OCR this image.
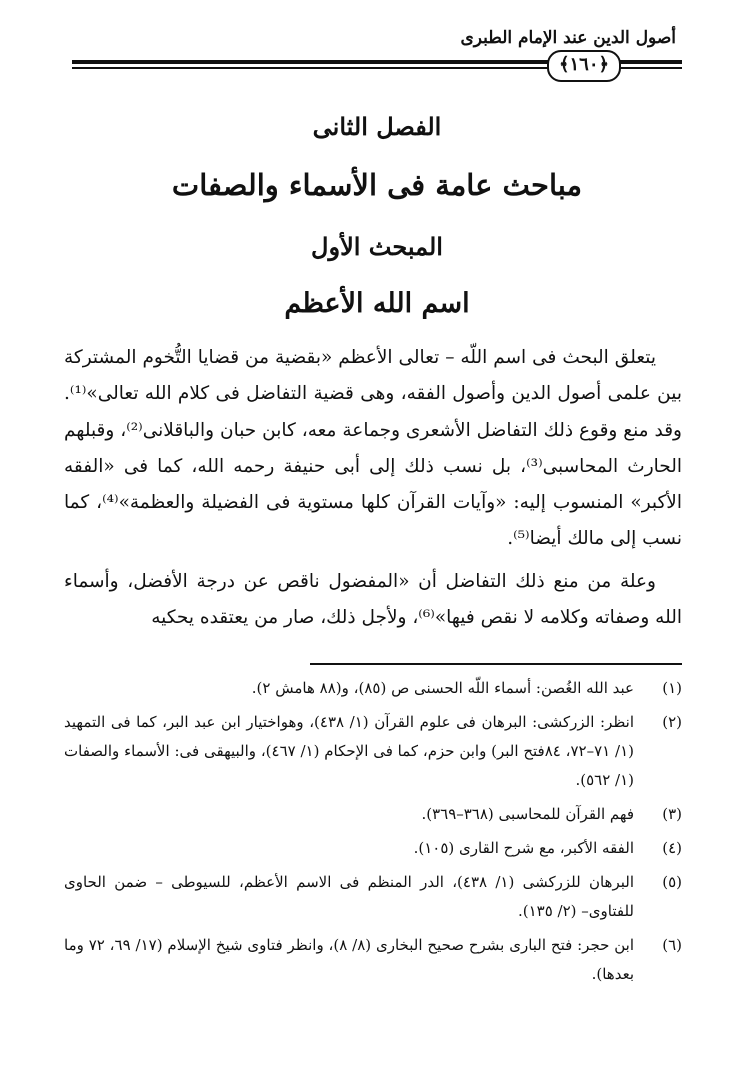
أصول الدين عند الإمام الطبرى
﴿١٦٠﴾
الفصل الثانى
مباحث عامة فى الأسماء والصفات
المبحث الأول
اسم الله الأعظم

يتعلق البحث فى اسم اللّه – تعالى الأعظم «بقضية من قضايا التُّخوم المشتركة بين علمى أصول الدين وأصول الفقه، وهى قضية التفاضل فى كلام الله تعالى»⁽¹⁾. وقد منع وقوع ذلك التفاضل الأشعرى وجماعة معه، كابن حبان والباقلانى⁽²⁾، وقبلهم الحارث المحاسبى⁽³⁾، بل نسب ذلك إلى أبى حنيفة رحمه الله، كما فى «الفقه الأكبر» المنسوب إليه: «وآيات القرآن كلها مستوية فى الفضيلة والعظمة»⁽⁴⁾، كما نسب إلى مالك أيضا⁽⁵⁾.

وعلة من منع ذلك التفاضل أن «المفضول ناقص عن درجة الأفضل، وأسماء الله وصفاته وكلامه لا نقص فيها»⁽⁶⁾، ولأجل ذلك، صار من يعتقده يحكيه

(١)
عبد الله الغُصن: أسماء اللّه الحسنى ص (٨٥)، و(٨٨ هامش ٢).
(٢)
انظر: الزركشى: البرهان فى علوم القرآن (١/ ٤٣٨)، وهواختيار ابن عبد البر، كما فى التمهيد (١/ ٧١–٧٢، ٨٤فتح البر) وابن حزم، كما فى الإحكام (١/ ٤٦٧)، والبيهقى فى: الأسماء والصفات (١/ ٥٦٢).
(٣)
فهم القرآن للمحاسبى (٣٦٨–٣٦٩).
(٤)
الفقه الأكبر، مع شرح القارى (١٠٥).
(٥)
البرهان للزركشى (١/ ٤٣٨)، الدر المنظم فى الاسم الأعظم، للسيوطى – ضمن الحاوى للفتاوى– (٢/ ١٣٥).
(٦)
ابن حجر: فتح البارى بشرح صحيح البخارى (٨/ ٨)، وانظر فتاوى شيخ الإسلام (١٧/ ٦٩، ٧٢ وما بعدها).
